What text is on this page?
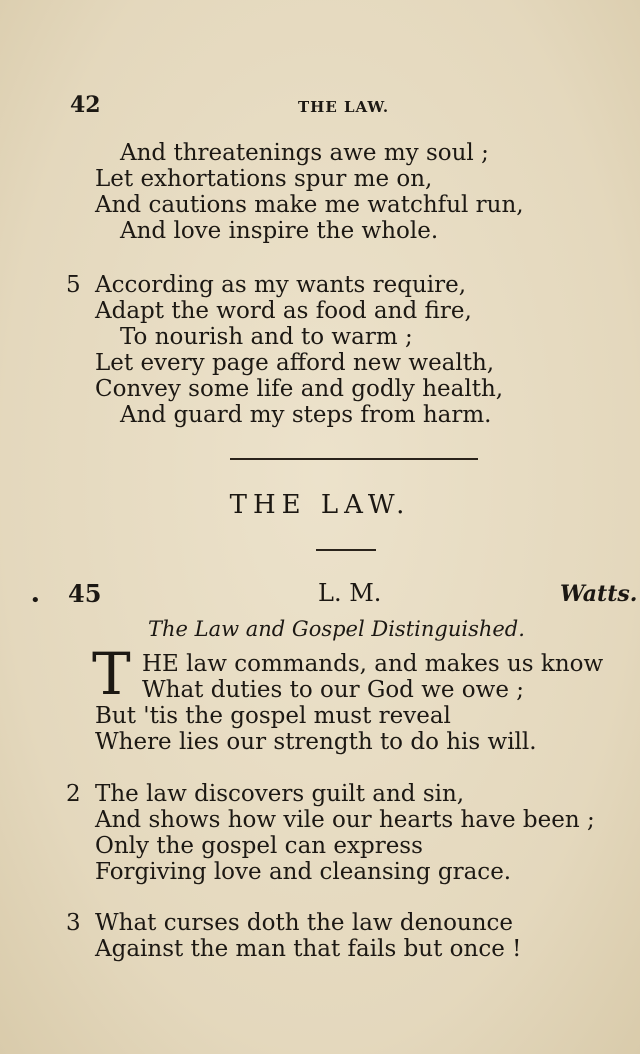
42	THE LAW.
And threatenings awe my soul ;
Let exhortations spur me on,
And cautions make me watchful run,
And love inspire the whole.
5 According as my wants require,
Adapt the word as food and fire,
To nourish and to warm ;
Let every page afford new wealth,
Convey some life and godly health,
And guard my steps from harm.
THE LAW.
• 45	L. M.	Watts.
The Law and Gospel Distinguished.
T HE law commands, and makes us know
What duties to our God we owe ;
But 'tis the gospel must reveal
Where lies our strength to do his will.
2 The law discovers guilt and sin,
And shows how vile our hearts have been ;
Only the gospel can express
Forgiving love and cleansing grace.
3 What curses doth the law denounce
Against the man that fails but once !
